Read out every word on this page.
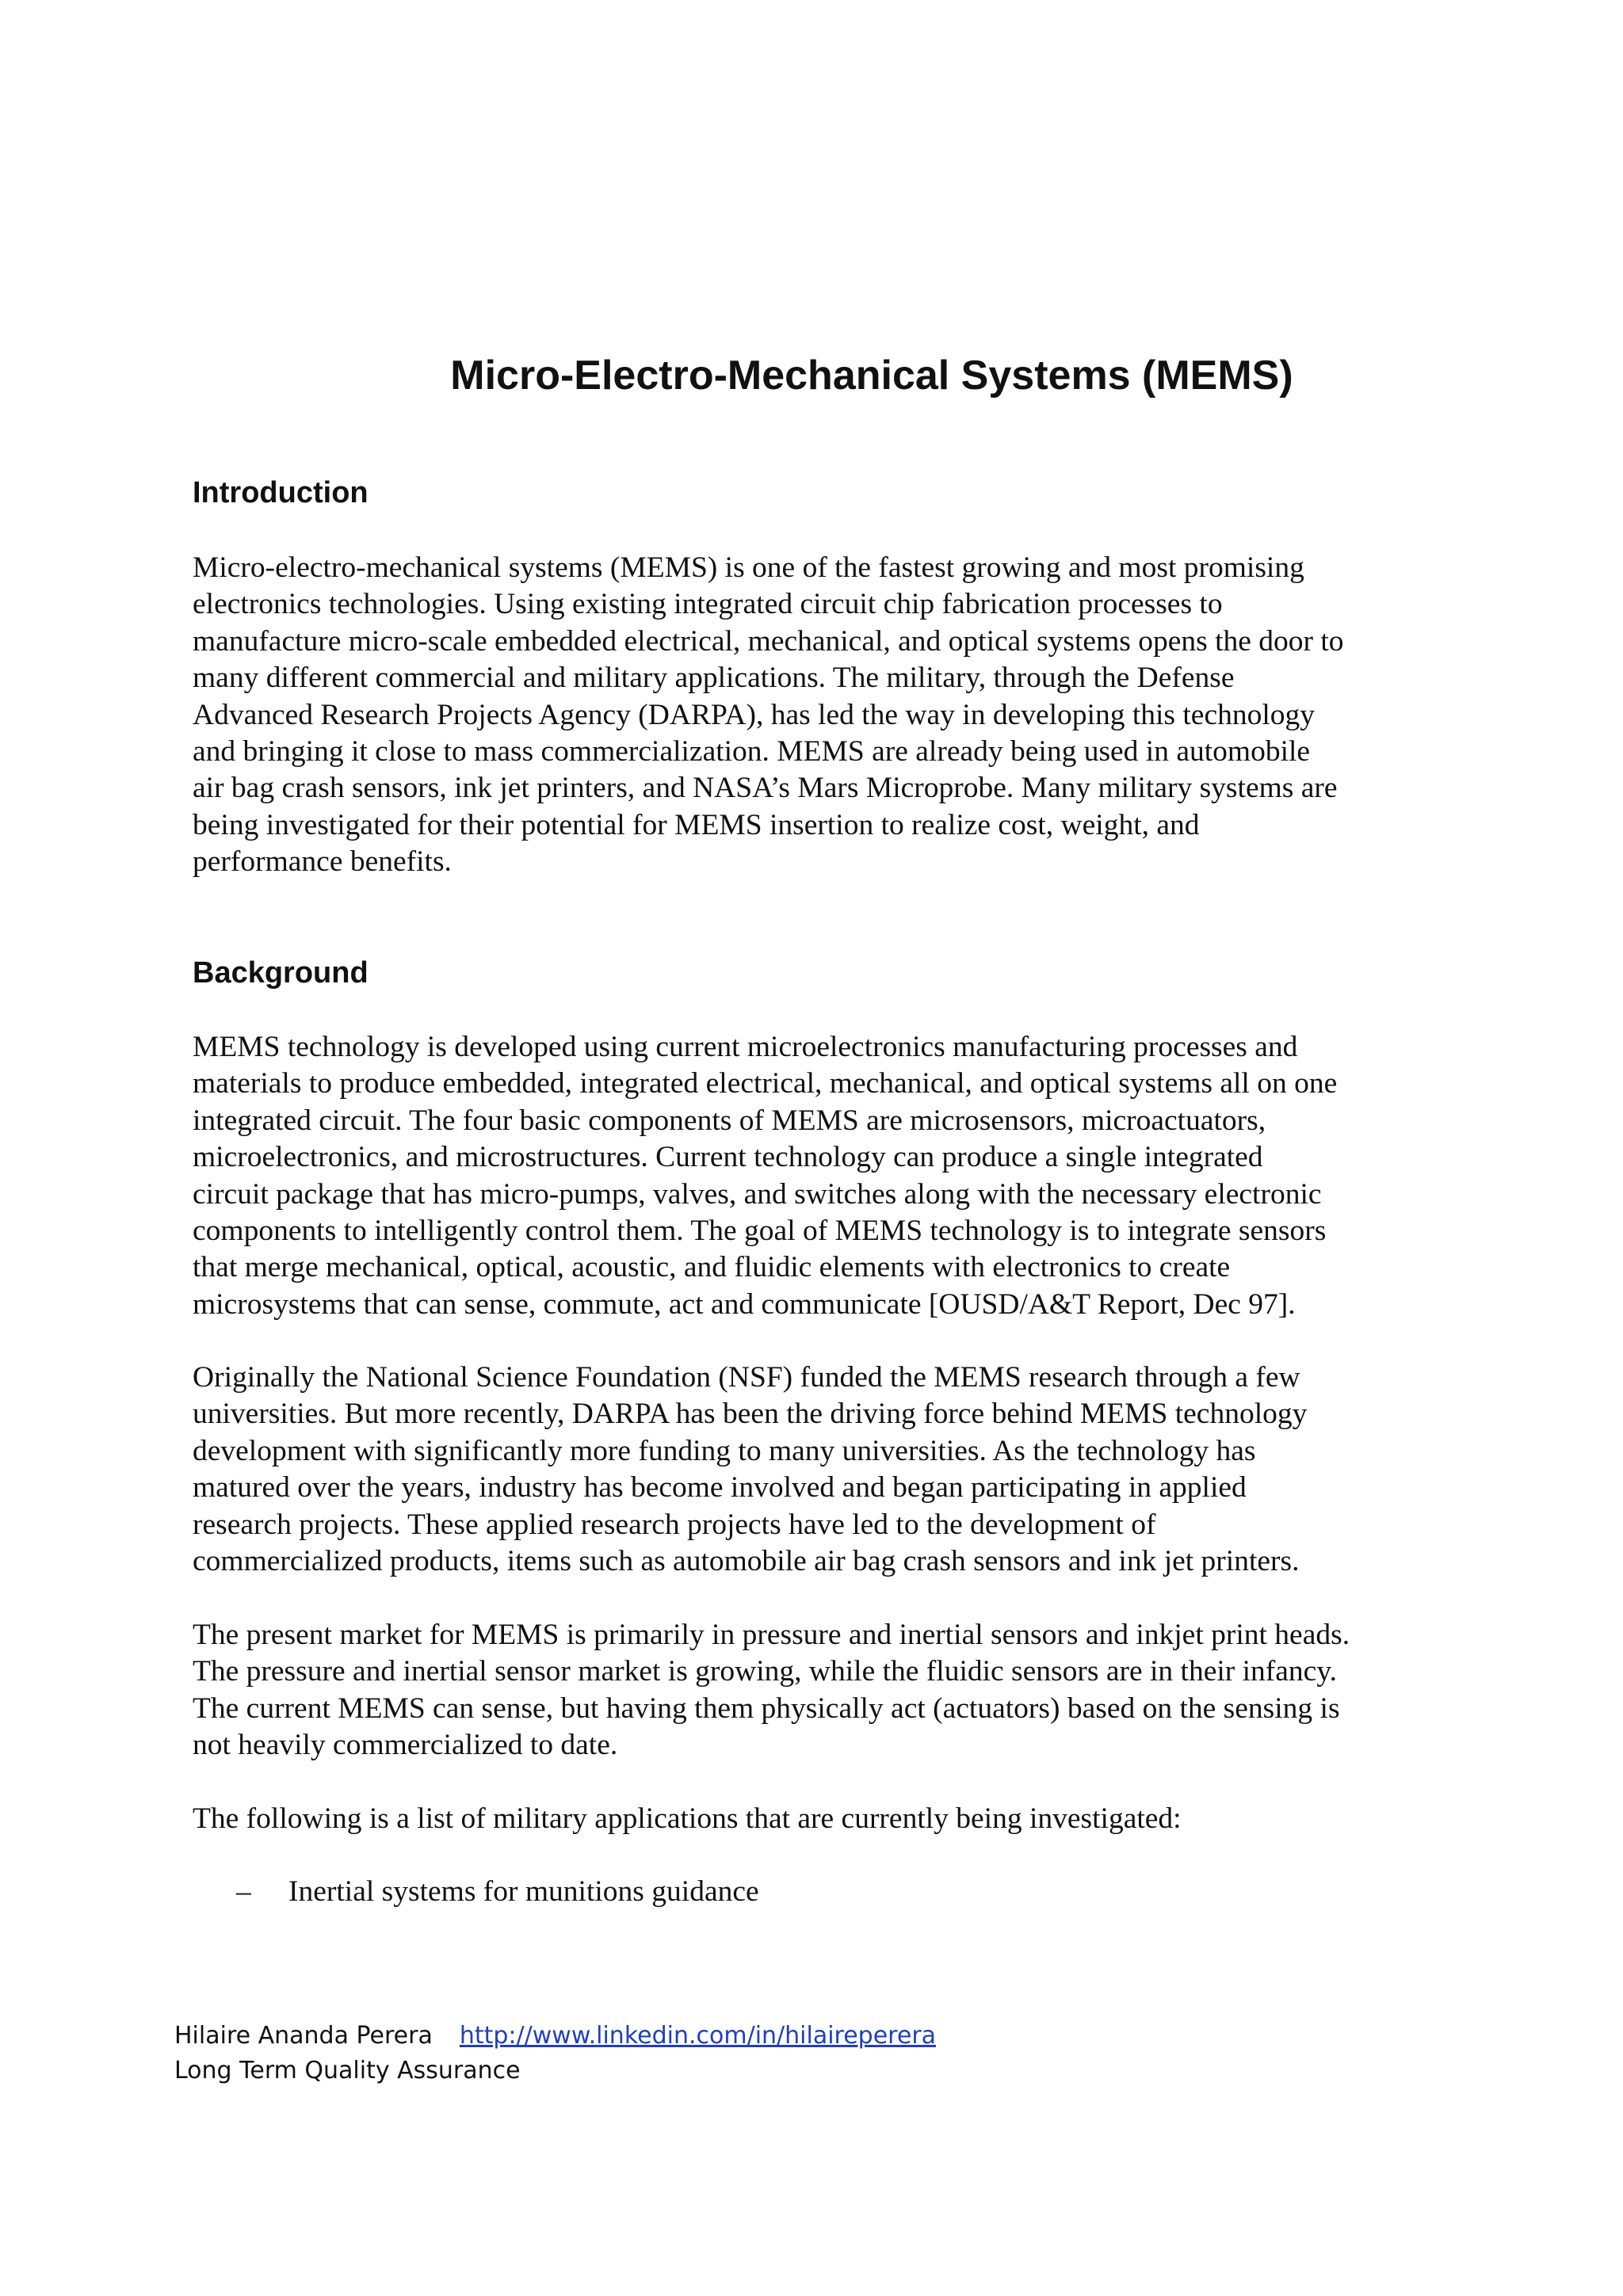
Micro-Electro-Mechanical Systems (MEMS)
Introduction

Micro-electro-mechanical systems (MEMS) is one of the fastest growing and most promising
electronics technologies. Using existing integrated circuit chip fabrication processes to
manufacture micro-scale embedded electrical, mechanical, and optical systems opens the door to
many different commercial and military applications. The military, through the Defense
Advanced Research Projects Agency (DARPA), has led the way in developing this technology
and bringing it close to mass commercialization. MEMS are already being used in automobile
air bag crash sensors, ink jet printers, and NASA’s Mars Microprobe. Many military systems are
being investigated for their potential for MEMS insertion to realize cost, weight, and
performance benefits.

Background

MEMS technology is developed using current microelectronics manufacturing processes and
materials to produce embedded, integrated electrical, mechanical, and optical systems all on one
integrated circuit. The four basic components of MEMS are microsensors, microactuators,
microelectronics, and microstructures. Current technology can produce a single integrated
circuit package that has micro-pumps, valves, and switches along with the necessary electronic
components to intelligently control them. The goal of MEMS technology is to integrate sensors
that merge mechanical, optical, acoustic, and fluidic elements with electronics to create
microsystems that can sense, commute, act and communicate [OUSD/A&T Report, Dec 97].

Originally the National Science Foundation (NSF) funded the MEMS research through a few
universities. But more recently, DARPA has been the driving force behind MEMS technology
development with significantly more funding to many universities. As the technology has
matured over the years, industry has become involved and began participating in applied
research projects. These applied research projects have led to the development of
commercialized products, items such as automobile air bag crash sensors and ink jet printers.

The present market for MEMS is primarily in pressure and inertial sensors and inkjet print heads.
The pressure and inertial sensor market is growing, while the fluidic sensors are in their infancy.
The current MEMS can sense, but having them physically act (actuators) based on the sensing is
not heavily commercialized to date.

The following is a list of military applications that are currently being investigated:

–	Inertial systems for munitions guidance
Hilaire Ananda Perera http://www.linkedin.com/in/hilaireperera
Long Term Quality Assurance
